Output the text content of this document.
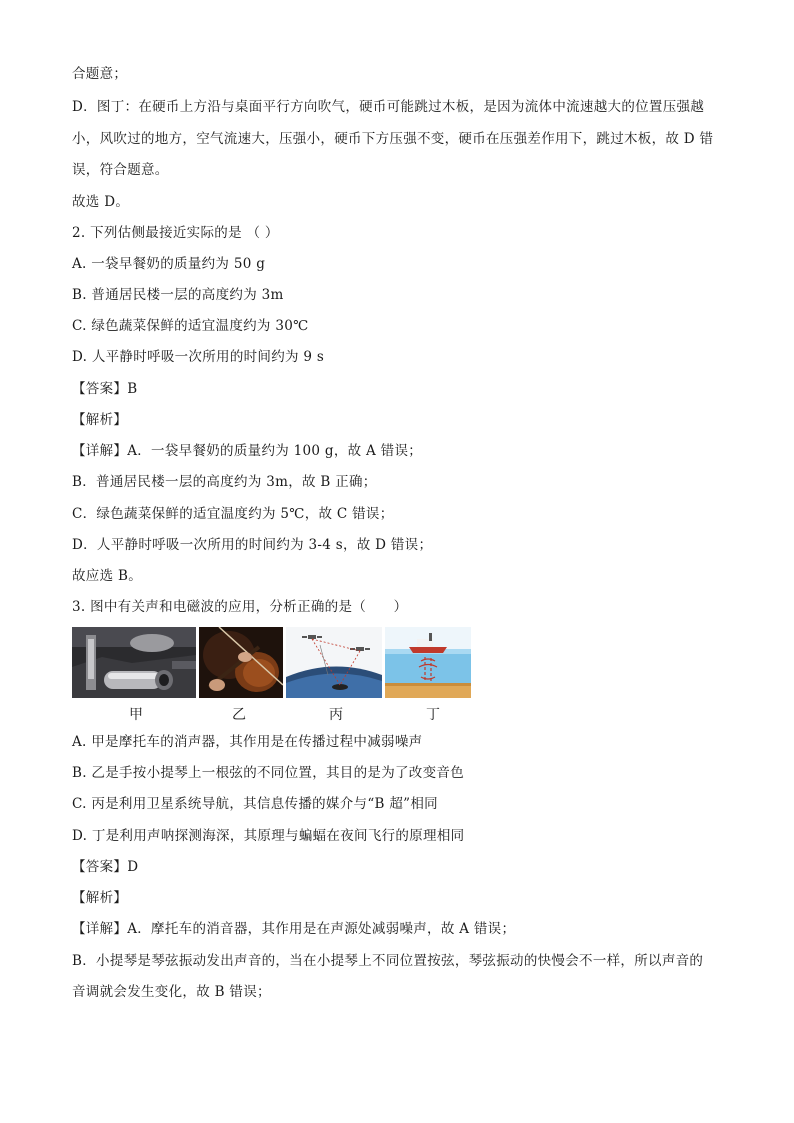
合题意；
D．图丁：在硬币上方沿与桌面平行方向吹气，硬币可能跳过木板，是因为流体中流速越大的位置压强越
小，风吹过的地方，空气流速大，压强小，硬币下方压强不变，硬币在压强差作用下，跳过木板，故 D 错
误，符合题意。
故选 D。
2. 下列估侧最接近实际的是 （ ）
A. 一袋早餐奶的质量约为 50 g
B. 普通居民楼一层的高度约为 3m
C. 绿色蔬菜保鲜的适宜温度约为 30℃
D. 人平静时呼吸一次所用的时间约为 9 s
【答案】B
【解析】
【详解】A．一袋早餐奶的质量约为 100 g，故 A 错误；
B．普通居民楼一层的高度约为 3m，故 B 正确；
C．绿色蔬菜保鲜的适宜温度约为 5℃，故 C 错误；
D．人平静时呼吸一次所用的时间约为 3-4 s，故 D 错误；
故应选 B。
3. 图中有关声和电磁波的应用，分析正确的是（　　）
甲	乙	丙	丁
A. 甲是摩托车的消声器，其作用是在传播过程中减弱噪声
B. 乙是手按小提琴上一根弦的不同位置，其目的是为了改变音色
C. 丙是利用卫星系统导航，其信息传播的媒介与“B 超”相同
D. 丁是利用声呐探测海深，其原理与蝙蝠在夜间飞行的原理相同
【答案】D
【解析】
【详解】A．摩托车的消音器，其作用是在声源处减弱噪声，故 A 错误；
B．小提琴是琴弦振动发出声音的，当在小提琴上不同位置按弦，琴弦振动的快慢会不一样，所以声音的
音调就会发生变化，故 B 错误；
